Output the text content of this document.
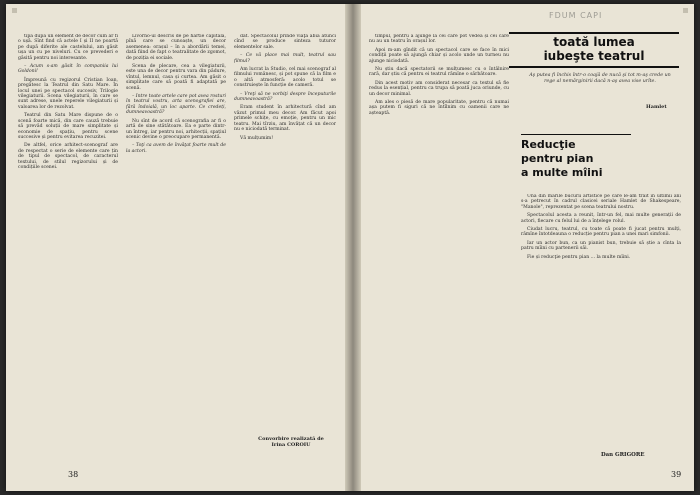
tipă după un element de decor cum ar fi o ușă. Sînt find că actele I și II ne poartă pe după diferite ale castelului, am găsit ușa un cu pe niveluri. Cu ce prevederi e găsită pentru noi interesante.

– Acum s-am găsit în companiia lui Goldoni!

Împreună cu regizorul Cristian Ioan, pregătesc la Teatrul din Satu Mare. În locul unei pe spectacol succesiv, Trilogie vilegiaturii. Scena vilegiaturii, în care se sunt adrese, unele reperele vilegiaturii și valoarea lor de rezolvat.

Teatrul din Satu Mare dispune de o scenă foarte mică, din care cauză trebuie să prevăd soluții de mare simplitate și economie de spațiu, pentru scene succesive și pentru evitarea recuzitei.

De altfel, orice arhitect-scenograf are de respectat o serie de elemente care țin de tipul de spectacol, de caracterul textului, de stilul regizorului și de condițiile scenei.

Livorno-ul descris de pe hărtie capitală, pînă care se cunoaște, un decor asemenea: orașul – în a abordării temei, dată fiind de fapt o teatralitate de zgomot, de poziția ei sociale.

Scena de plecare, cea a vilegiaturii, este una de decor pentru vara din pădure, vîntul, lemnul, casa și curtea. Am găsit o simplitate care să poată fi adaptată pe scenă.

– Intre toate artele care pot avea rosturi în teatrul vostru, arta scenografiei are, fără îndoială, un loc aparte. Ce credeți, dumneavoastră?

Nu sînt de acord că scenografia ar fi o artă de sine stătătoare. Ea e parte dintr-un întreg, iar pentru noi, arhitecții, spațiul scenic devine o preocupare permanentă.

– Toţi ca avem de învăţat foarte mult de la actori.

dat. Spectacolul prinde viaţă abia atunci cînd se produce sinteza tuturor elementelor sale.

– Ce vă place mai mult, teatrul sau filmul?

Am lucrat la Studio, cel mai scenograf al filmului românesc, și pot spune că la film e o altă atmosferă: acolo totul se construiește în funcție de cameră.

– Vreţi să ne vorbiţi despre începuturile dumneavoastră?

Eram student în arhitectură cînd am văzut primul meu decor. Am făcut apoi primele schițe, cu emoție, pentru un mic teatru. Mai tîrziu, am învățat că un decor nu e niciodată terminat.

Vă mulțumim!

Convorbire realizată de
Irina COROIU
38
FDUM CAPI

timpul, pentru a ajunge la cei care pot vedea și cei care nu au un teatru în orașul lor.

Apoi m-am gîndit că un spectacol care se face în mici condiții poate să ajungă chiar și acolo unde un turneu nu ajunge niciodată.

Nu știu dacă spectatorii se mulțumesc cu o întâlnire rară, dar știu că pentru ei teatrul rămîne o sărbătoare.

Din acest motiv am considerat necesar ca textul să fie redus la esențial, pentru ca trupa să poată juca oriunde, cu un decor minimal.

Am ales o piesă de mare popularitate, pentru că numai așa putem fi siguri că ne întîlnim cu oamenii care ne așteaptă.

toată lumea
iubeşte teatrul
Aş putea fi închis într-o coajă de nucă şi tot m-aş crede un rege al nemărginirii dacă n-aş avea vise urîte.
Hamlet
Reducţie
pentru pian
a multe mîini

Una din marile bucurii artistice pe care le-am trăit în ultimii ani s-a petrecut în cadrul clasicei seriale Hamlet de Shakespeare, "Manole", reprezentat pe scena teatrului nostru.

Spectacolul acesta a reunit, într-un fel, mai multe generații de actori, fiecare cu felul lui de a înțelege rolul.

Ciudat lucru, teatrul, cu toate că poate fi jucat pentru mulți, rămîne întotdeauna o reducție pentru pian a unei mari simfonii.

Iar un actor bun, ca un pianist bun, trebuie să știe a cînta la patru mîini cu partenerii săi.

Fie și reducţie pentru pian ... la multe mîini.

Dan GRIGORE
39
